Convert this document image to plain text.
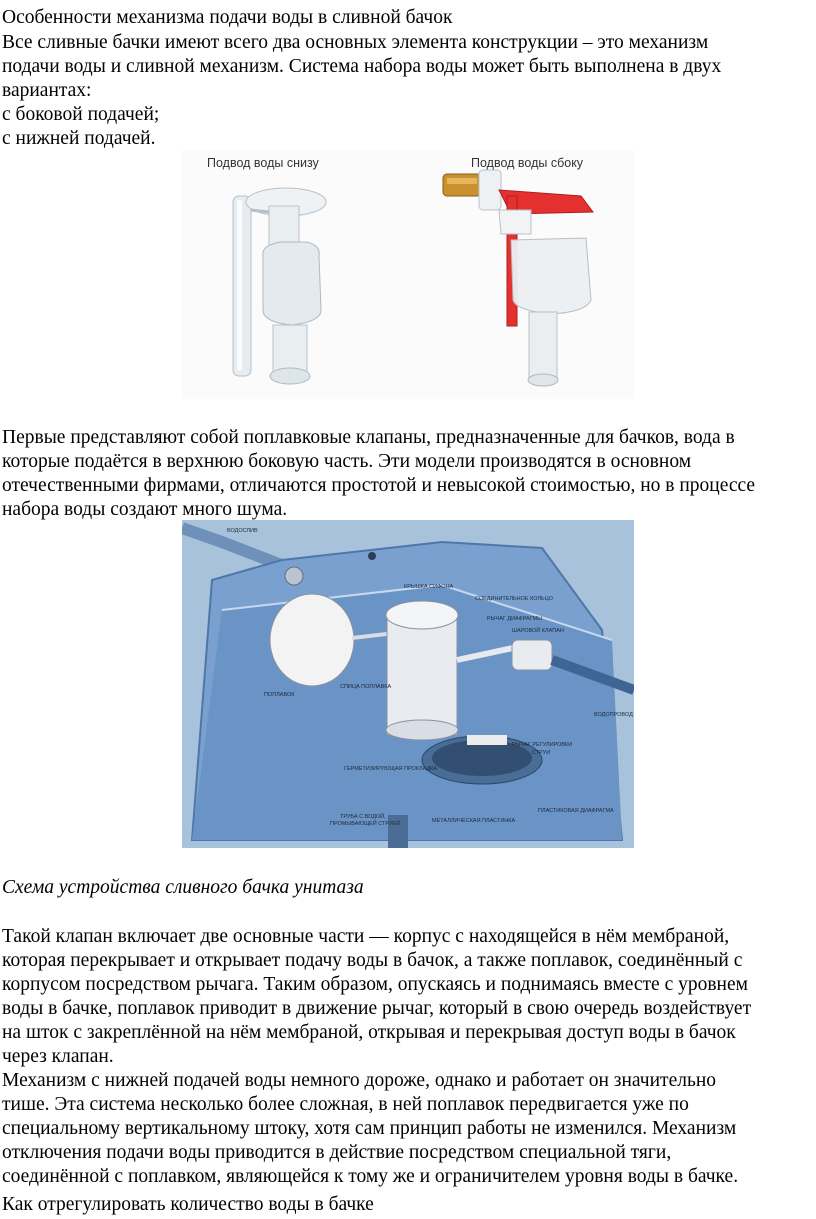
Особенности механизма подачи воды в сливной бачок
Все сливные бачки имеют всего два основных элемента конструкции – это механизм
подачи воды и сливной механизм. Система набора воды может быть выполнена в двух
вариантах:
с боковой подачей;
с нижней подачей.
Подвод воды снизу	Подвод воды сбоку
Первые представляют собой поплавковые клапаны, предназначенные для бачков, вода в
которые подаётся в верхнюю боковую часть. Эти модели производятся в основном
отечественными фирмами, отличаются простотой и невысокой стоимостью, но в процессе
набора воды создают много шума.
ВОДОСЛИВ
КРЫШКА СИФОНА
СОЕДИНИТЕЛЬНОЕ КОЛЬЦО
РЫЧАГ ДИАФРАГМЫ
ШАРОВОЙ КЛАПАН
ПОПЛАВОК
СПИЦА ПОПЛАВКА
ВОДОПРОВОД
РЫЧАГ РЕГУЛИРОВКИ
СТРУИ
ГЕРМЕТИЗИРУЮЩАЯ ПРОКЛАДКА
ПЛАСТИКОВАЯ ДИАФРАГМА
МЕТАЛЛИЧЕСКАЯ ПЛАСТИНКА
ТРУБА С ВОДОЙ,
ПРОМЫВАЮЩЕЙ СТРУЕЙ
Схема устройства сливного бачка унитаза
Такой клапан включает две основные части — корпус с находящейся в нём мембраной,
которая перекрывает и открывает подачу воды в бачок, а также поплавок, соединённый с
корпусом посредством рычага. Таким образом, опускаясь и поднимаясь вместе с уровнем
воды в бачке, поплавок приводит в движение рычаг, который в свою очередь воздействует
на шток с закреплённой на нём мембраной, открывая и перекрывая доступ воды в бачок
через клапан.
Механизм с нижней подачей воды немного дороже, однако и работает он значительно
тише. Эта система несколько более сложная, в ней поплавок передвигается уже по
специальному вертикальному штоку, хотя сам принцип работы не изменился. Механизм
отключения подачи воды приводится в действие посредством специальной тяги,
соединённой с поплавком, являющейся к тому же и ограничителем уровня воды в бачке.
Как отрегулировать количество воды в бачке
